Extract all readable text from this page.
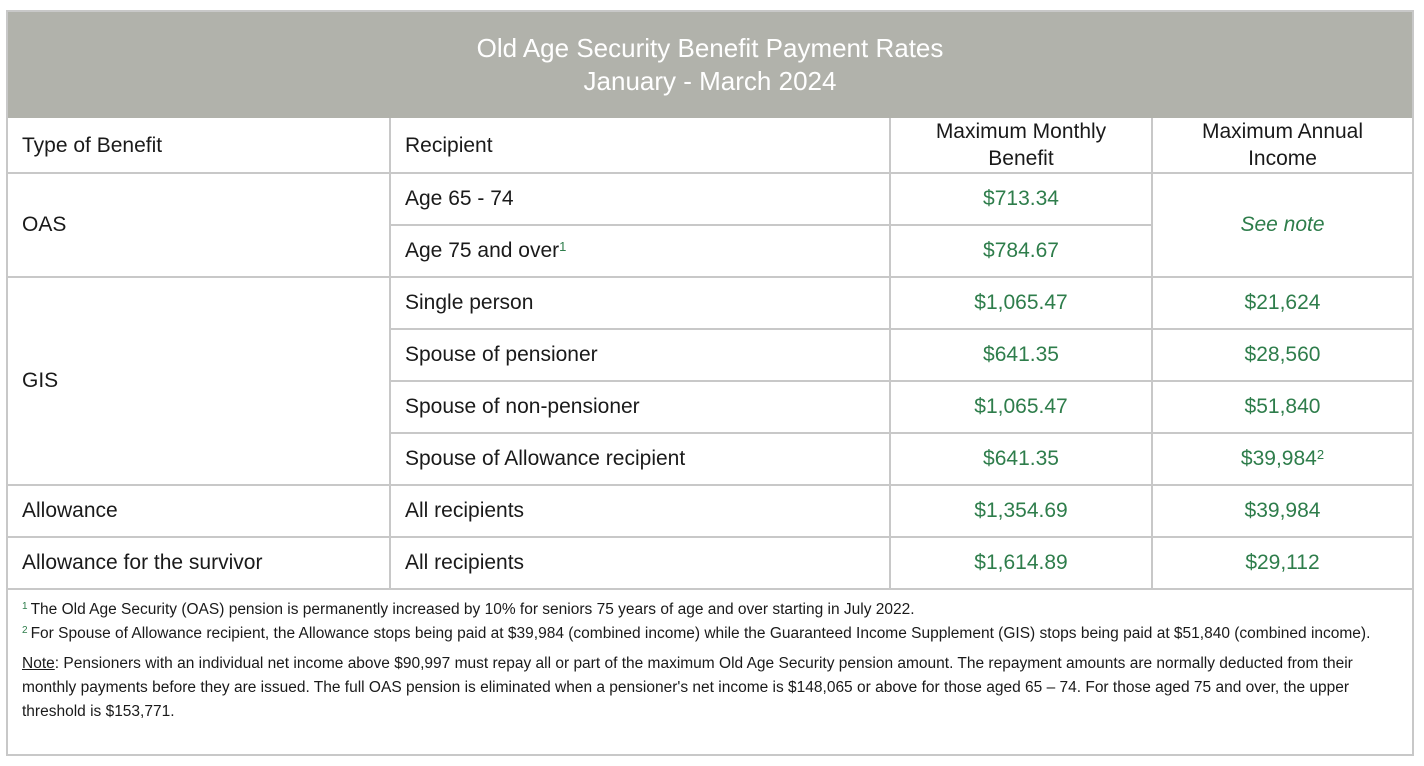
Old Age Security Benefit Payment Rates
January - March 2024
Type of Benefit	Recipient	Maximum Monthly Benefit	Maximum Annual Income
OAS	Age 65 - 74	$713.34	See note
	Age 75 and over$^1$	$784.67	
GIS	Single person	$1,065.47	$21,624
	Spouse of pensioner	$641.35	$28,560
	Spouse of non-pensioner	$1,065.47	$51,840
	Spouse of Allowance recipient	$641.35	$39,984$^2$
Allowance	All recipients	$1,354.69	$39,984
Allowance for the survivor	All recipients	$1,614.89	$29,112

$^1$ The Old Age Security (OAS) pension is permanently increased by 10% for seniors 75 years of age and over starting in July 2022.

$^2$ For Spouse of Allowance recipient, the Allowance stops being paid at $39,984 (combined income) while the Guaranteed Income Supplement (GIS) stops being paid at $51,840 (combined income).

Note: Pensioners with an individual net income above $90,997 must repay all or part of the maximum Old Age Security pension amount. The repayment amounts are normally deducted from their monthly payments before they are issued. The full OAS pension is eliminated when a pensioner's net income is $148,065 or above for those aged 65 – 74. For those aged 75 and over, the upper threshold is $153,771.
